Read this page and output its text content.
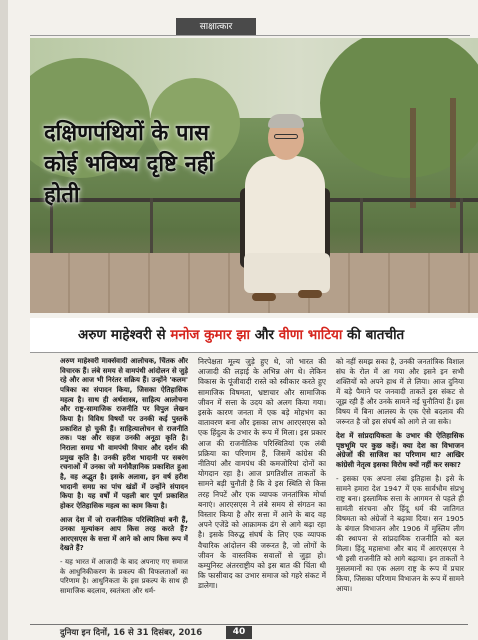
साक्षात्कार
दक्षिणपंथियों के पास कोई भविष्य दृष्टि नहीं होती
अरुण माहेश्वरी से मनोज कुमार झा और वीणा भाटिया की बातचीत

अरुण माहेश्वरी मार्क्सवादी आलोचक, चिंतक और विचारक हैं। लंबे समय से वामपंथी आंदोलन से जुड़े रहे और आज भी निरंतर सक्रिय हैं। उन्होंने 'कलम' पत्रिका का संपादन किया, जिसका ऐतिहासिक महत्व है। साथ ही अर्थशास्त्र, साहित्य आलोचना और राष्ट्र-सामाजिक राजनीति पर विपुल लेखन किया है। विविध विषयों पर उनकी कई पुस्तकें प्रकाशित हो चुकी हैं। साहित्यालोचन से राजनीति तक। पक्ष और सहज उनकी अनूठा कृति है। निराला समग्र भी वामपंथी विचार और दर्शन की प्रमुख कृति है। उनकी हरीश भादानी पर सबरंग रचनाओं में उनका जो मनोवैज्ञानिक प्रकाशित हुआ है, वह अद्भुत है। इसके अलावा, इन वर्ष हरीश भादानी समग्र का पांच खंडों में उन्होंने संपादन किया है। यह वर्षों में पहली बार पूर्ण प्रकाशित होकर ऐतिहासिक महत्व का काम किया है।

आज देश में जो राजनीतिक परिस्थितियां बनी हैं, उनका मूल्यांकन आप किस तरह करते हैं? आरएसएस के सत्ता में आने को आप किस रूप में देखते हैं?

- यह भारत में आजादी के बाद अपनाए गए समाज के आधुनिकीकरण के प्रकल्प की विफलताओं का परिणाम है। आधुनिकता के इस प्रकल्प के साथ ही सामाजिक बदलाव, स्वतंत्रता और धर्म-

निरपेक्षता मूल्य जुड़े हुए थे, जो भारत की आजादी की लड़ाई के अभिन्न अंग थे। लेकिन विकास के पूंजीवादी रास्ते को स्वीकार करते हुए सामाजिक विषमता, भ्रष्टाचार और सामाजिक जीवन में सत्ता के उदय को अलग किया गया। इसके कारण जनता में एक बड़े मोहभंग का वातावरण बना और इसका लाभ आरएसएस को एक हिंदुत्व के उभार के रूप में मिला। इस प्रकार आज की राजनीतिक परिस्थितियां एक लंबी प्रक्रिया का परिणाम हैं, जिसमें कांग्रेस की नीतियां और वामपंथ की कमजोरियां दोनों का योगदान रहा है। आज प्रगतिशील ताकतों के सामने बड़ी चुनौती है कि वे इस स्थिति से किस तरह निपटें और एक व्यापक जनतांत्रिक मोर्चा बनाएं। आरएसएस ने लंबे समय से संगठन का विस्तार किया है और सत्ता में आने के बाद वह अपने एजेंडे को आक्रामक ढंग से आगे बढ़ा रहा है। इसके विरुद्ध संघर्ष के लिए एक व्यापक वैचारिक आंदोलन की जरूरत है, जो लोगों के जीवन के वास्तविक सवालों से जुड़ा हो। कम्युनिस्ट अंतरराष्ट्रीय को इस बात की चिंता थी कि फासीवाद का उभार समाज को गहरे संकट में डालेगा।

को नहीं समझ सका है, उनकी जनतांत्रिक विशाल संघ के रोल में आ गया और इसने इन सभी शक्तियों को अपने हाथ में ले लिया। आज दुनिया में बड़े पैमाने पर जनवादी ताकतें इस संकट से जूझ रही हैं और उनके सामने नई चुनौतियां हैं। इस विषय में बिना आलस्य के एक ऐसे बदलाव की जरूरत है जो इस संघर्ष को आगे ले जा सके।

देश में सांप्रदायिकता के उभार की ऐतिहासिक पृष्ठभूमि पर कुछ कहें। क्या देश का विभाजन अंग्रेजों की साजिश का परिणाम था? आखिर कांग्रेसी नेतृत्व इसका विरोध क्यों नहीं कर सका?

- इसका एक अपना लंबा इतिहास है। इसे के सामने हमारा देश 1947 में एक सार्वभौम संप्रभु राष्ट्र बना। इस्लामिक सत्ता के आगमन से पहले ही सामंती संरचना और हिंदू धर्म की जातिगत विषमता को अंग्रेजों ने बढ़ावा दिया। सन 1905 के बंगाल विभाजन और 1906 में मुस्लिम लीग की स्थापना से सांप्रदायिक राजनीति को बल मिला। हिंदू महासभा और बाद में आरएसएस ने भी इसी राजनीति को आगे बढ़ाया। इन ताकतों ने मुसलमानों का एक अलग राष्ट्र के रूप में प्रचार किया, जिसका परिणाम विभाजन के रूप में सामने आया।

दुनिया इन दिनों, 16 से 31 दिसंबर, 2016	40
